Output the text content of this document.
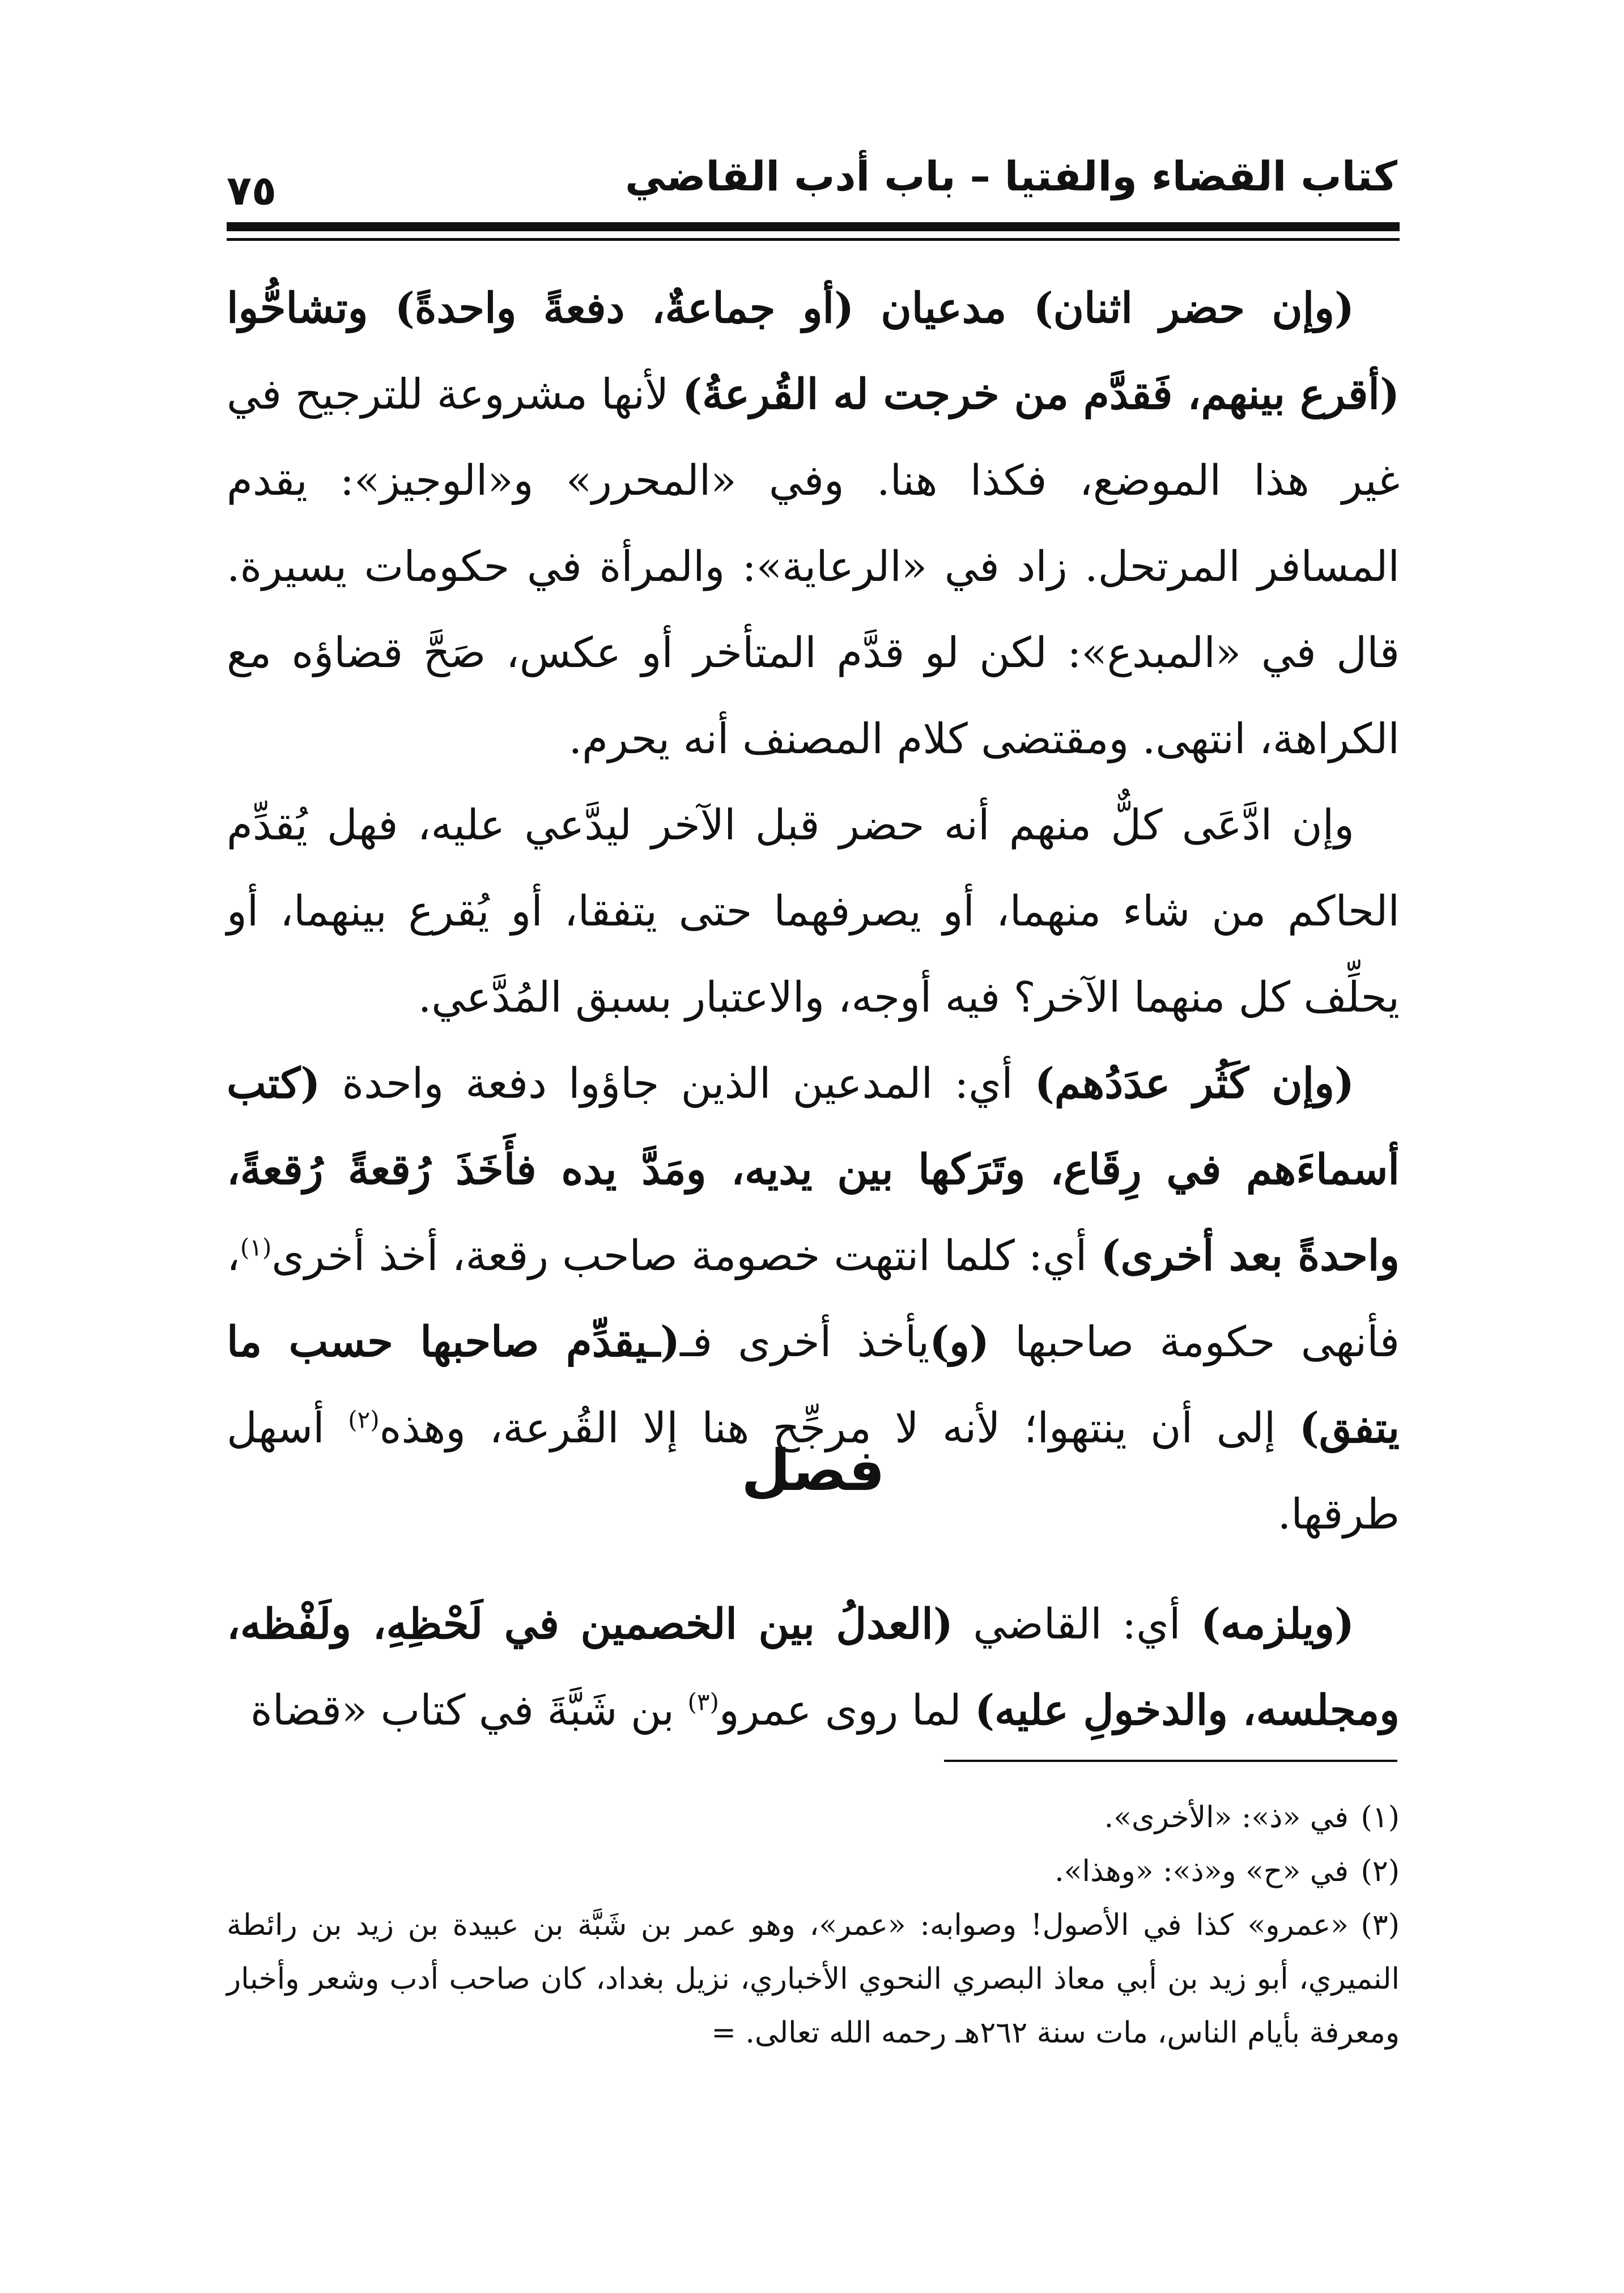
كتاب القضاء والفتيا – باب أدب القاضي
٧٥

(وإن حضر اثنان) مدعيان (أو جماعةٌ، دفعةً واحدةً) وتشاحُّوا (أقرع بينهم، فَقدَّم من خرجت له القُرعةُ) لأنها مشروعة للترجيح في غير هذا الموضع، فكذا هنا. وفي «المحرر» و«الوجيز»: يقدم المسافر المرتحل. زاد في «الرعاية»: والمرأة في حكومات يسيرة. قال في «المبدع»: لكن لو قدَّم المتأخر أو عكس، صَحَّ قضاؤه مع الكراهة، انتهى. ومقتضى كلام المصنف أنه يحرم.

وإن ادَّعَى كلٌّ منهم أنه حضر قبل الآخر ليدَّعي عليه، فهل يُقدِّم الحاكم من شاء منهما، أو يصرفهما حتى يتفقا، أو يُقرع بينهما، أو يحلِّف كل منهما الآخر؟ فيه أوجه، والاعتبار بسبق المُدَّعي.

(وإن كَثُر عدَدُهم) أي: المدعين الذين جاؤوا دفعة واحدة (كتب أسماءَهم في رِقَاع، وتَرَكها بين يديه، ومَدَّ يده فأَخَذَ رُقعةً رُقعةً، واحدةً بعد أخرى) أي: كلما انتهت خصومة صاحب رقعة، أخذ أخرى$^{(١)}$، فأنهى حكومة صاحبها (و)يأخذ أخرى فـ(ـيقدِّم صاحبها حسب ما يتفق) إلى أن ينتهوا؛ لأنه لا مرجِّح هنا إلا القُرعة، وهذه$^{(٢)}$ أسهل طرقها.

فصل

(ويلزمه) أي: القاضي (العدلُ بين الخصمين في لَحْظِهِ، ولَفْظه، ومجلسه، والدخولِ عليه) لما روى عمرو$^{(٣)}$ بن شَبَّةَ في كتاب «قضاة

(١)في «ذ»: «الأخرى».

(٢)في «ح» و«ذ»: «وهذا».

(٣)«عمرو» كذا في الأصول! وصوابه: «عمر»، وهو عمر بن شَبَّة بن عبيدة بن زيد بن رائطة النميري، أبو زيد بن أبي معاذ البصري النحوي الأخباري، نزيل بغداد، كان صاحب أدب وشعر وأخبار ومعرفة بأيام الناس، مات سنة ٢٦٢هـ رحمه الله تعالى. =
